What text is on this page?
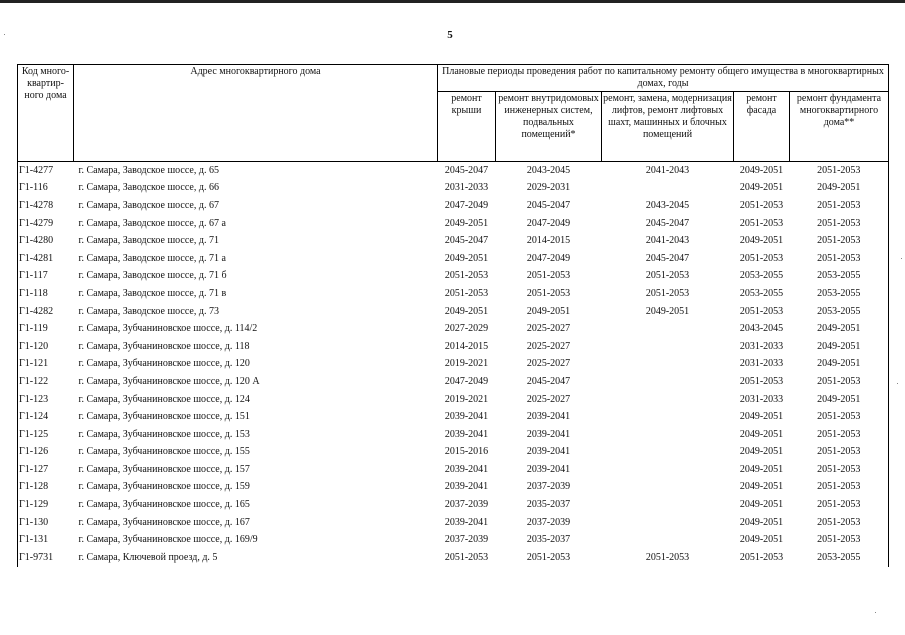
5
Код много-квартир-ного дома	Адрес многоквартирного дома	Плановые периоды проведения работ по капитальному ремонту общего имущества в многоквартирных домах, годы				
		ремонт крыши	ремонт внутридомовых инженерных систем, подвальных помещений*	ремонт, замена, модернизация лифтов, ремонт лифтовых шахт, машинных и блочных помещений	ремонт фасада	ремонт фундамента многоквартирного дома**
Г1-4277	г. Самара, Заводское шоссе, д. 65	2045-2047	2043-2045	2041-2043	2049-2051	2051-2053
Г1-116	г. Самара, Заводское шоссе, д. 66	2031-2033	2029-2031		2049-2051	2049-2051
Г1-4278	г. Самара, Заводское шоссе, д. 67	2047-2049	2045-2047	2043-2045	2051-2053	2051-2053
Г1-4279	г. Самара, Заводское шоссе, д. 67 а	2049-2051	2047-2049	2045-2047	2051-2053	2051-2053
Г1-4280	г. Самара, Заводское шоссе, д. 71	2045-2047	2014-2015	2041-2043	2049-2051	2051-2053
Г1-4281	г. Самара, Заводское шоссе, д. 71 а	2049-2051	2047-2049	2045-2047	2051-2053	2051-2053
Г1-117	г. Самара, Заводское шоссе, д. 71 б	2051-2053	2051-2053	2051-2053	2053-2055	2053-2055
Г1-118	г. Самара, Заводское шоссе, д. 71 в	2051-2053	2051-2053	2051-2053	2053-2055	2053-2055
Г1-4282	г. Самара, Заводское шоссе, д. 73	2049-2051	2049-2051	2049-2051	2051-2053	2053-2055
Г1-119	г. Самара, Зубчаниновское шоссе, д. 114/2	2027-2029	2025-2027		2043-2045	2049-2051
Г1-120	г. Самара, Зубчаниновское шоссе, д. 118	2014-2015	2025-2027		2031-2033	2049-2051
Г1-121	г. Самара, Зубчаниновское шоссе, д. 120	2019-2021	2025-2027		2031-2033	2049-2051
Г1-122	г. Самара, Зубчаниновское шоссе, д. 120 А	2047-2049	2045-2047		2051-2053	2051-2053
Г1-123	г. Самара, Зубчаниновское шоссе, д. 124	2019-2021	2025-2027		2031-2033	2049-2051
Г1-124	г. Самара, Зубчаниновское шоссе, д. 151	2039-2041	2039-2041		2049-2051	2051-2053
Г1-125	г. Самара, Зубчаниновское шоссе, д. 153	2039-2041	2039-2041		2049-2051	2051-2053
Г1-126	г. Самара, Зубчаниновское шоссе, д. 155	2015-2016	2039-2041		2049-2051	2051-2053
Г1-127	г. Самара, Зубчаниновское шоссе, д. 157	2039-2041	2039-2041		2049-2051	2051-2053
Г1-128	г. Самара, Зубчаниновское шоссе, д. 159	2039-2041	2037-2039		2049-2051	2051-2053
Г1-129	г. Самара, Зубчаниновское шоссе, д. 165	2037-2039	2035-2037		2049-2051	2051-2053
Г1-130	г. Самара, Зубчаниновское шоссе, д. 167	2039-2041	2037-2039		2049-2051	2051-2053
Г1-131	г. Самара, Зубчаниновское шоссе, д. 169/9	2037-2039	2035-2037		2049-2051	2051-2053
Г1-9731	г. Самара, Ключевой проезд, д. 5	2051-2053	2051-2053	2051-2053	2051-2053	2053-2055
